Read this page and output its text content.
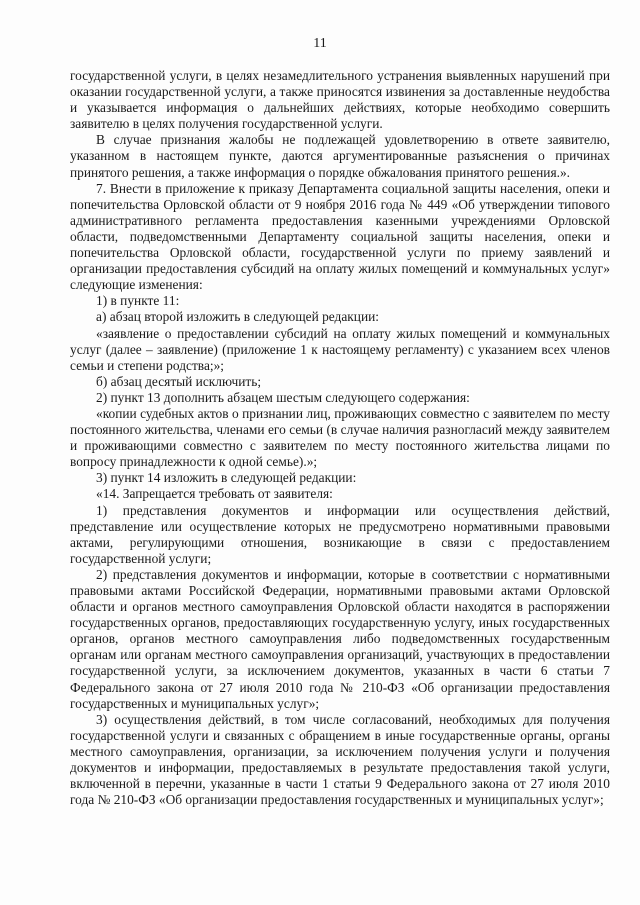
11

государственной услуги, в целях незамедлительного устранения выявленных нарушений при оказании государственной услуги, а также приносятся извинения за доставленные неудобства и указывается информация о дальнейших действиях, которые необходимо совершить заявителю в целях получения государственной услуги.

В случае признания жалобы не подлежащей удовлетворению в ответе заявителю, указанном в настоящем пункте, даются аргументированные разъяснения о причинах принятого решения, а также информация о порядке обжалования принятого решения.».

7. Внести в приложение к приказу Департамента социальной защиты населения, опеки и попечительства Орловской области от 9 ноября 2016 года № 449 «Об утверждении типового административного регламента предоставления казенными учреждениями Орловской области, подведомственными Департаменту социальной защиты населения, опеки и попечительства Орловской области, государственной услуги по приему заявлений и организации предоставления субсидий на оплату жилых помещений и коммунальных услуг» следующие изменения:

1) в пункте 11:

а) абзац второй изложить в следующей редакции:

«заявление о предоставлении субсидий на оплату жилых помещений и коммунальных услуг (далее – заявление) (приложение 1 к настоящему регламенту) с указанием всех членов семьи и степени родства;»;

б) абзац десятый исключить;

2) пункт 13 дополнить абзацем шестым следующего содержания:

«копии судебных актов о признании лиц, проживающих совместно с заявителем по месту постоянного жительства, членами его семьи (в случае наличия разногласий между заявителем и проживающими совместно с заявителем по месту постоянного жительства лицами по вопросу принадлежности к одной семье).»;

3) пункт 14 изложить в следующей редакции:

«14. Запрещается требовать от заявителя:

1) представления документов и информации или осуществления действий, представление или осуществление которых не предусмотрено нормативными правовыми актами, регулирующими отношения, возникающие в связи с предоставлением государственной услуги;

2) представления документов и информации, которые в соответствии с нормативными правовыми актами Российской Федерации, нормативными правовыми актами Орловской области и органов местного самоуправления Орловской области находятся в распоряжении государственных органов, предоставляющих государственную услугу, иных государственных органов, органов местного самоуправления либо подведомственных государственным органам или органам местного самоуправления организаций, участвующих в предоставлении государственной услуги, за исключением документов, указанных в части 6 статьи 7 Федерального закона от 27 июля 2010 года № 210-ФЗ «Об организации предоставления государственных и муниципальных услуг»;

3) осуществления действий, в том числе согласований, необходимых для получения государственной услуги и связанных с обращением в иные государственные органы, органы местного самоуправления, организации, за исключением получения услуги и получения документов и информации, предоставляемых в результате предоставления такой услуги, включенной в перечни, указанные в части 1 статьи 9 Федерального закона от 27 июля 2010 года № 210-ФЗ «Об организации предоставления государственных и муниципальных услуг»;
